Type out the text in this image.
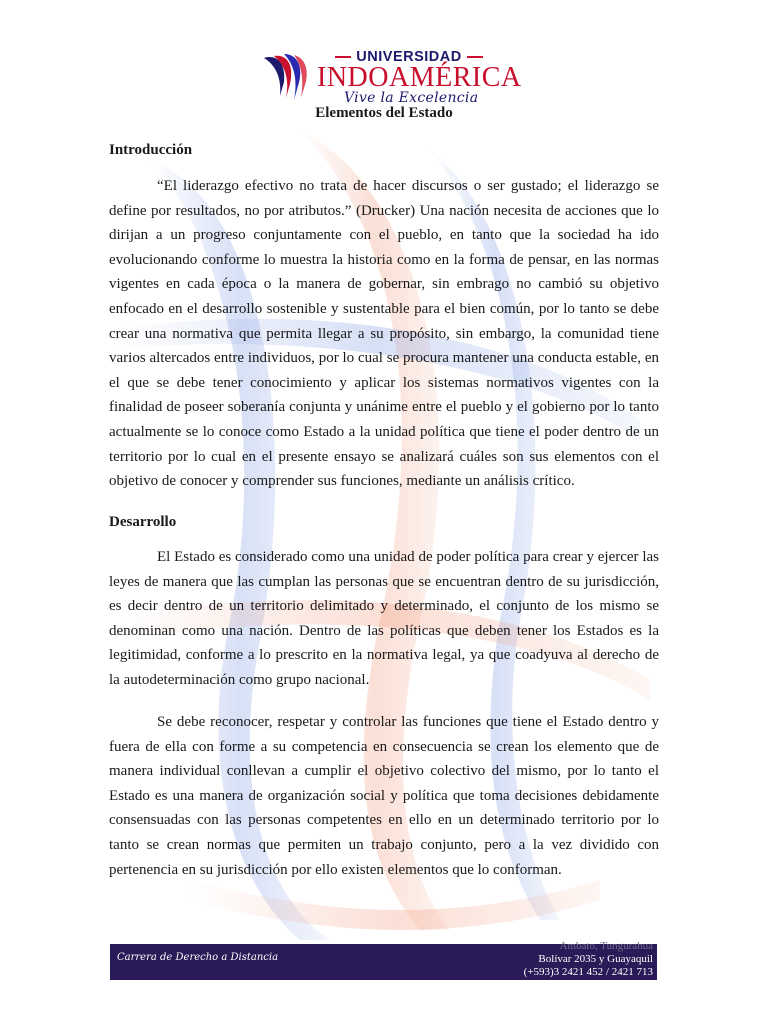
UNIVERSIDAD
INDOAMÉRICA
Vive la Excelencia
Elementos del Estado
Introducción

“El liderazgo efectivo no trata de hacer discursos o ser gustado; el liderazgo se define por resultados, no por atributos.” (Drucker) Una nación necesita de acciones que lo dirijan a un progreso conjuntamente con el pueblo, en tanto que la sociedad ha ido evolucionando conforme lo muestra la historia como en la forma de pensar, en las normas vigentes en cada época o la manera de gobernar, sin embrago no cambió su objetivo enfocado en el desarrollo sostenible y sustentable para el bien común, por lo tanto se debe crear una normativa que permita llegar a su propósito, sin embargo, la comunidad tiene varios altercados entre individuos, por lo cual se procura mantener una conducta estable, en el que se debe tener conocimiento y aplicar los sistemas normativos vigentes con la finalidad de poseer soberanía conjunta y unánime entre el pueblo y el gobierno por lo tanto actualmente se lo conoce como Estado a la unidad política que tiene el poder dentro de un territorio por lo cual en el presente ensayo se analizará cuáles son sus elementos con el objetivo de conocer y comprender sus funciones, mediante un análisis crítico.

Desarrollo

El Estado es considerado como una unidad de poder política para crear y ejercer las leyes de manera que las cumplan las personas que se encuentran dentro de su jurisdicción, es decir dentro de un territorio delimitado y determinado, el conjunto de los mismo se denominan como una nación. Dentro de las políticas que deben tener los Estados es la legitimidad, conforme a lo prescrito en la normativa legal, ya que coadyuva al derecho de la autodeterminación como grupo nacional.

Se debe reconocer, respetar y controlar las funciones que tiene el Estado dentro y fuera de ella con forme a su competencia en consecuencia se crean los elemento que de manera individual conllevan a cumplir el objetivo colectivo del mismo, por lo tanto el Estado es una manera de organización social y política que toma decisiones debidamente consensuadas con las personas competentes en ello en un determinado territorio por lo tanto se crean normas que permiten un trabajo conjunto, pero a la vez dividido con pertenencia en su jurisdicción por ello existen elementos que lo conforman.

Carrera de Derecho a Distancia
Ambato, Tungurahua
Bolívar 2035 y Guayaquil
(+593)3 2421 452 / 2421 713
